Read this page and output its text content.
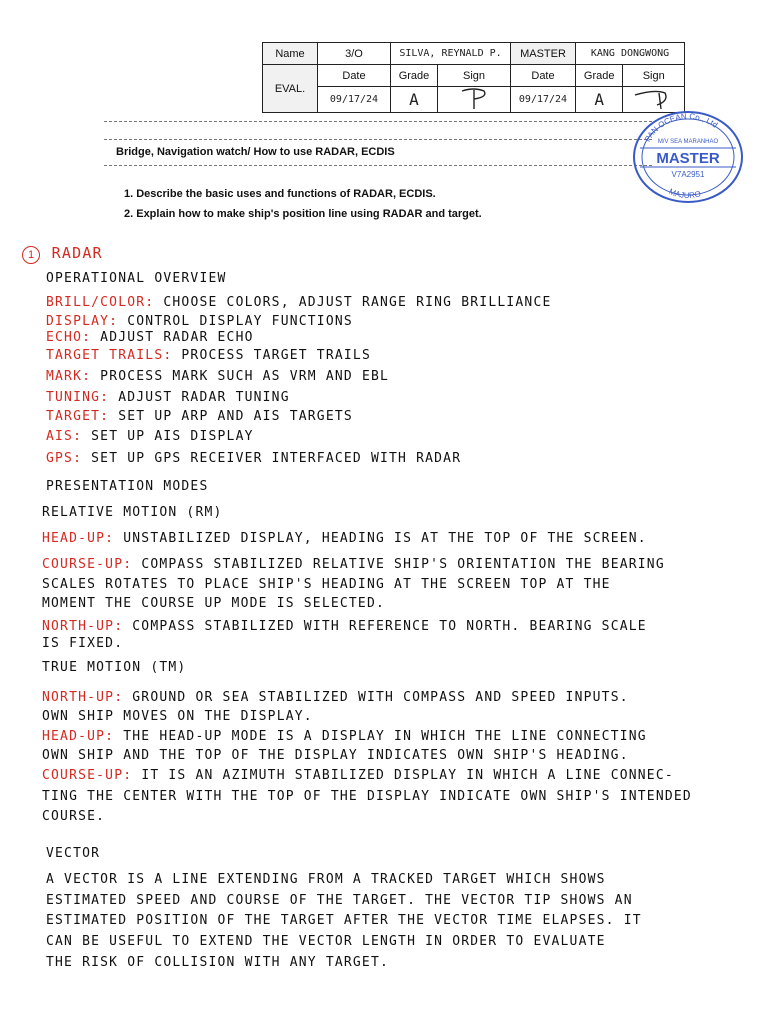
Name	3/O	SILVA, REYNALD P.		MASTER	KANG DONGWONG	
EVAL.	Date	Grade	Sign	Date	Grade	Sign
	09/17/24	A		09/17/24	A	
Bridge, Navigation watch/ How to use RADAR, ECDIS
PAN OCEAN Co., Ltd
M/V SEA MARANHAO
MASTER
V7A2951
MAJURO
1. Describe the basic uses and functions of RADAR, ECDIS.
2. Explain how to make ship's position line using RADAR and target.
1 RADAR
OPERATIONAL OVERVIEW
BRILL/COLOR: CHOOSE COLORS, ADJUST RANGE RING BRILLIANCE
DISPLAY: CONTROL DISPLAY FUNCTIONS
ECHO: ADJUST RADAR ECHO
TARGET TRAILS: PROCESS TARGET TRAILS
MARK: PROCESS MARK SUCH AS VRM AND EBL
TUNING: ADJUST RADAR TUNING
TARGET: SET UP ARP AND AIS TARGETS
AIS: SET UP AIS DISPLAY
GPS: SET UP GPS RECEIVER INTERFACED WITH RADAR
PRESENTATION MODES
RELATIVE MOTION (RM)
HEAD-UP: UNSTABILIZED DISPLAY, HEADING IS AT THE TOP OF THE SCREEN.
COURSE-UP: COMPASS STABILIZED RELATIVE SHIP'S ORIENTATION THE BEARING
SCALES ROTATES TO PLACE SHIP'S HEADING AT THE SCREEN TOP AT THE
MOMENT THE COURSE UP MODE IS SELECTED.
NORTH-UP: COMPASS STABILIZED WITH REFERENCE TO NORTH. BEARING SCALE
IS FIXED.
TRUE MOTION (TM)
NORTH-UP: GROUND OR SEA STABILIZED WITH COMPASS AND SPEED INPUTS.
OWN SHIP MOVES ON THE DISPLAY.
HEAD-UP: THE HEAD-UP MODE IS A DISPLAY IN WHICH THE LINE CONNECTING
OWN SHIP AND THE TOP OF THE DISPLAY INDICATES OWN SHIP'S HEADING.
COURSE-UP: IT IS AN AZIMUTH STABILIZED DISPLAY IN WHICH A LINE CONNEC-
TING THE CENTER WITH THE TOP OF THE DISPLAY INDICATE OWN SHIP'S INTENDED
COURSE.
VECTOR
A VECTOR IS A LINE EXTENDING FROM A TRACKED TARGET WHICH SHOWS
ESTIMATED SPEED AND COURSE OF THE TARGET. THE VECTOR TIP SHOWS AN
ESTIMATED POSITION OF THE TARGET AFTER THE VECTOR TIME ELAPSES. IT
CAN BE USEFUL TO EXTEND THE VECTOR LENGTH IN ORDER TO EVALUATE
THE RISK OF COLLISION WITH ANY TARGET.
